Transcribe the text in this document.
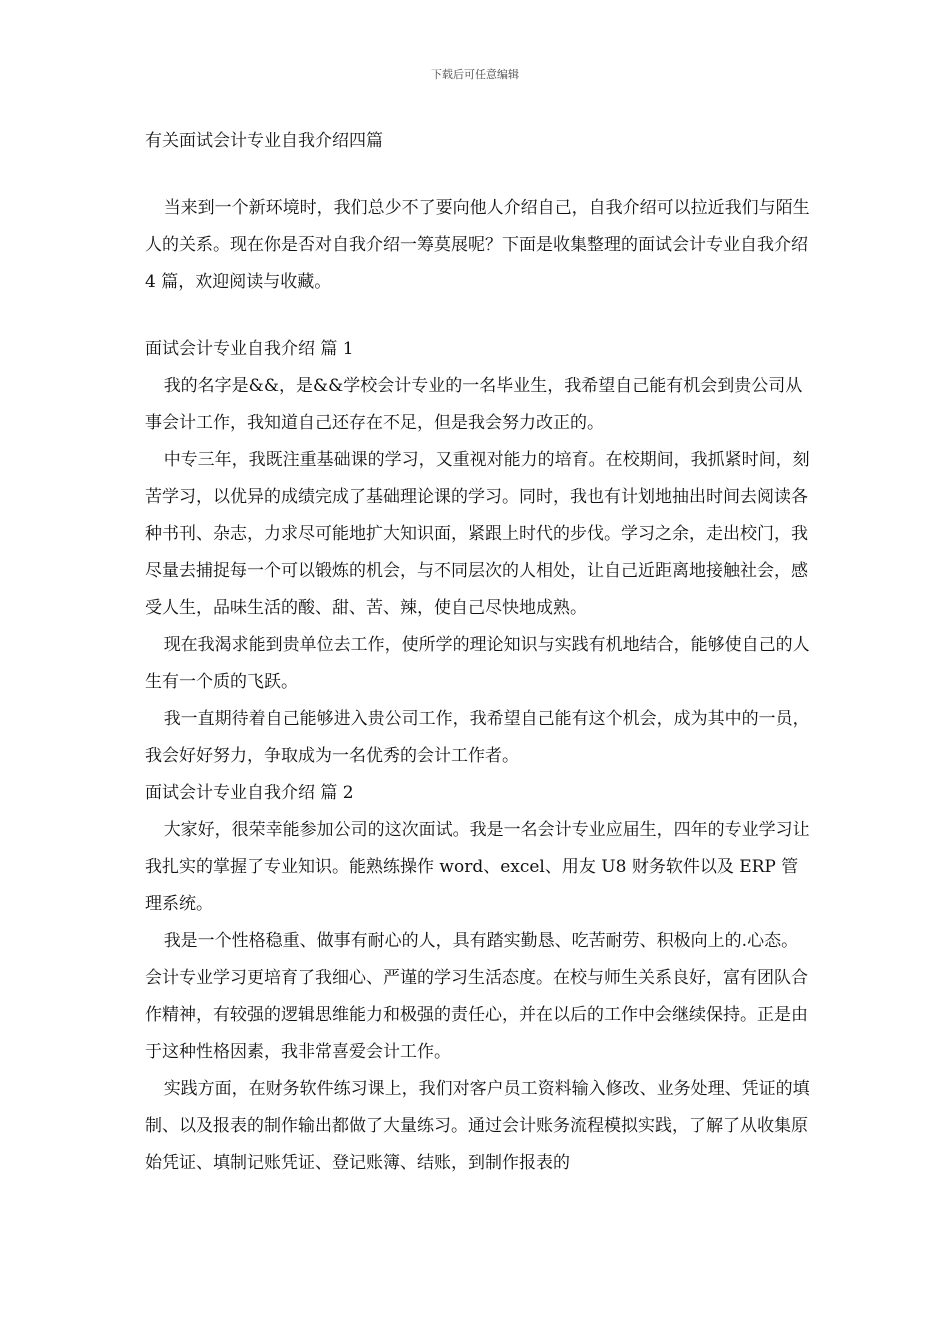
下载后可任意编辑
有关面试会计专业自我介绍四篇

当来到一个新环境时，我们总少不了要向他人介绍自己，自我介绍可以拉近我们与陌生人的关系。现在你是否对自我介绍一筹莫展呢？下面是收集整理的面试会计专业自我介绍 4 篇，欢迎阅读与收藏。

面试会计专业自我介绍 篇 1

我的名字是&&，是&&学校会计专业的一名毕业生，我希望自己能有机会到贵公司从事会计工作，我知道自己还存在不足，但是我会努力改正的。

中专三年，我既注重基础课的学习，又重视对能力的培育。在校期间，我抓紧时间，刻苦学习，以优异的成绩完成了基础理论课的学习。同时，我也有计划地抽出时间去阅读各种书刊、杂志，力求尽可能地扩大知识面，紧跟上时代的步伐。学习之余，走出校门，我尽量去捕捉每一个可以锻炼的机会，与不同层次的人相处，让自己近距离地接触社会，感受人生，品味生活的酸、甜、苦、辣，使自己尽快地成熟。

现在我渴求能到贵单位去工作，使所学的理论知识与实践有机地结合，能够使自己的人生有一个质的飞跃。

我一直期待着自己能够进入贵公司工作，我希望自己能有这个机会，成为其中的一员，我会好好努力，争取成为一名优秀的会计工作者。

面试会计专业自我介绍 篇 2

大家好，很荣幸能参加公司的这次面试。我是一名会计专业应届生，四年的专业学习让我扎实的掌握了专业知识。能熟练操作 word、excel、用友 U8 财务软件以及 ERP 管理系统。

我是一个性格稳重、做事有耐心的人，具有踏实勤恳、吃苦耐劳、积极向上的.心态。会计专业学习更培育了我细心、严谨的学习生活态度。在校与师生关系良好，富有团队合作精神，有较强的逻辑思维能力和极强的责任心，并在以后的工作中会继续保持。正是由于这种性格因素，我非常喜爱会计工作。

实践方面，在财务软件练习课上，我们对客户员工资料输入修改、业务处理、凭证的填制、以及报表的制作输出都做了大量练习。通过会计账务流程模拟实践，了解了从收集原始凭证、填制记账凭证、登记账簿、结账，到制作报表的
